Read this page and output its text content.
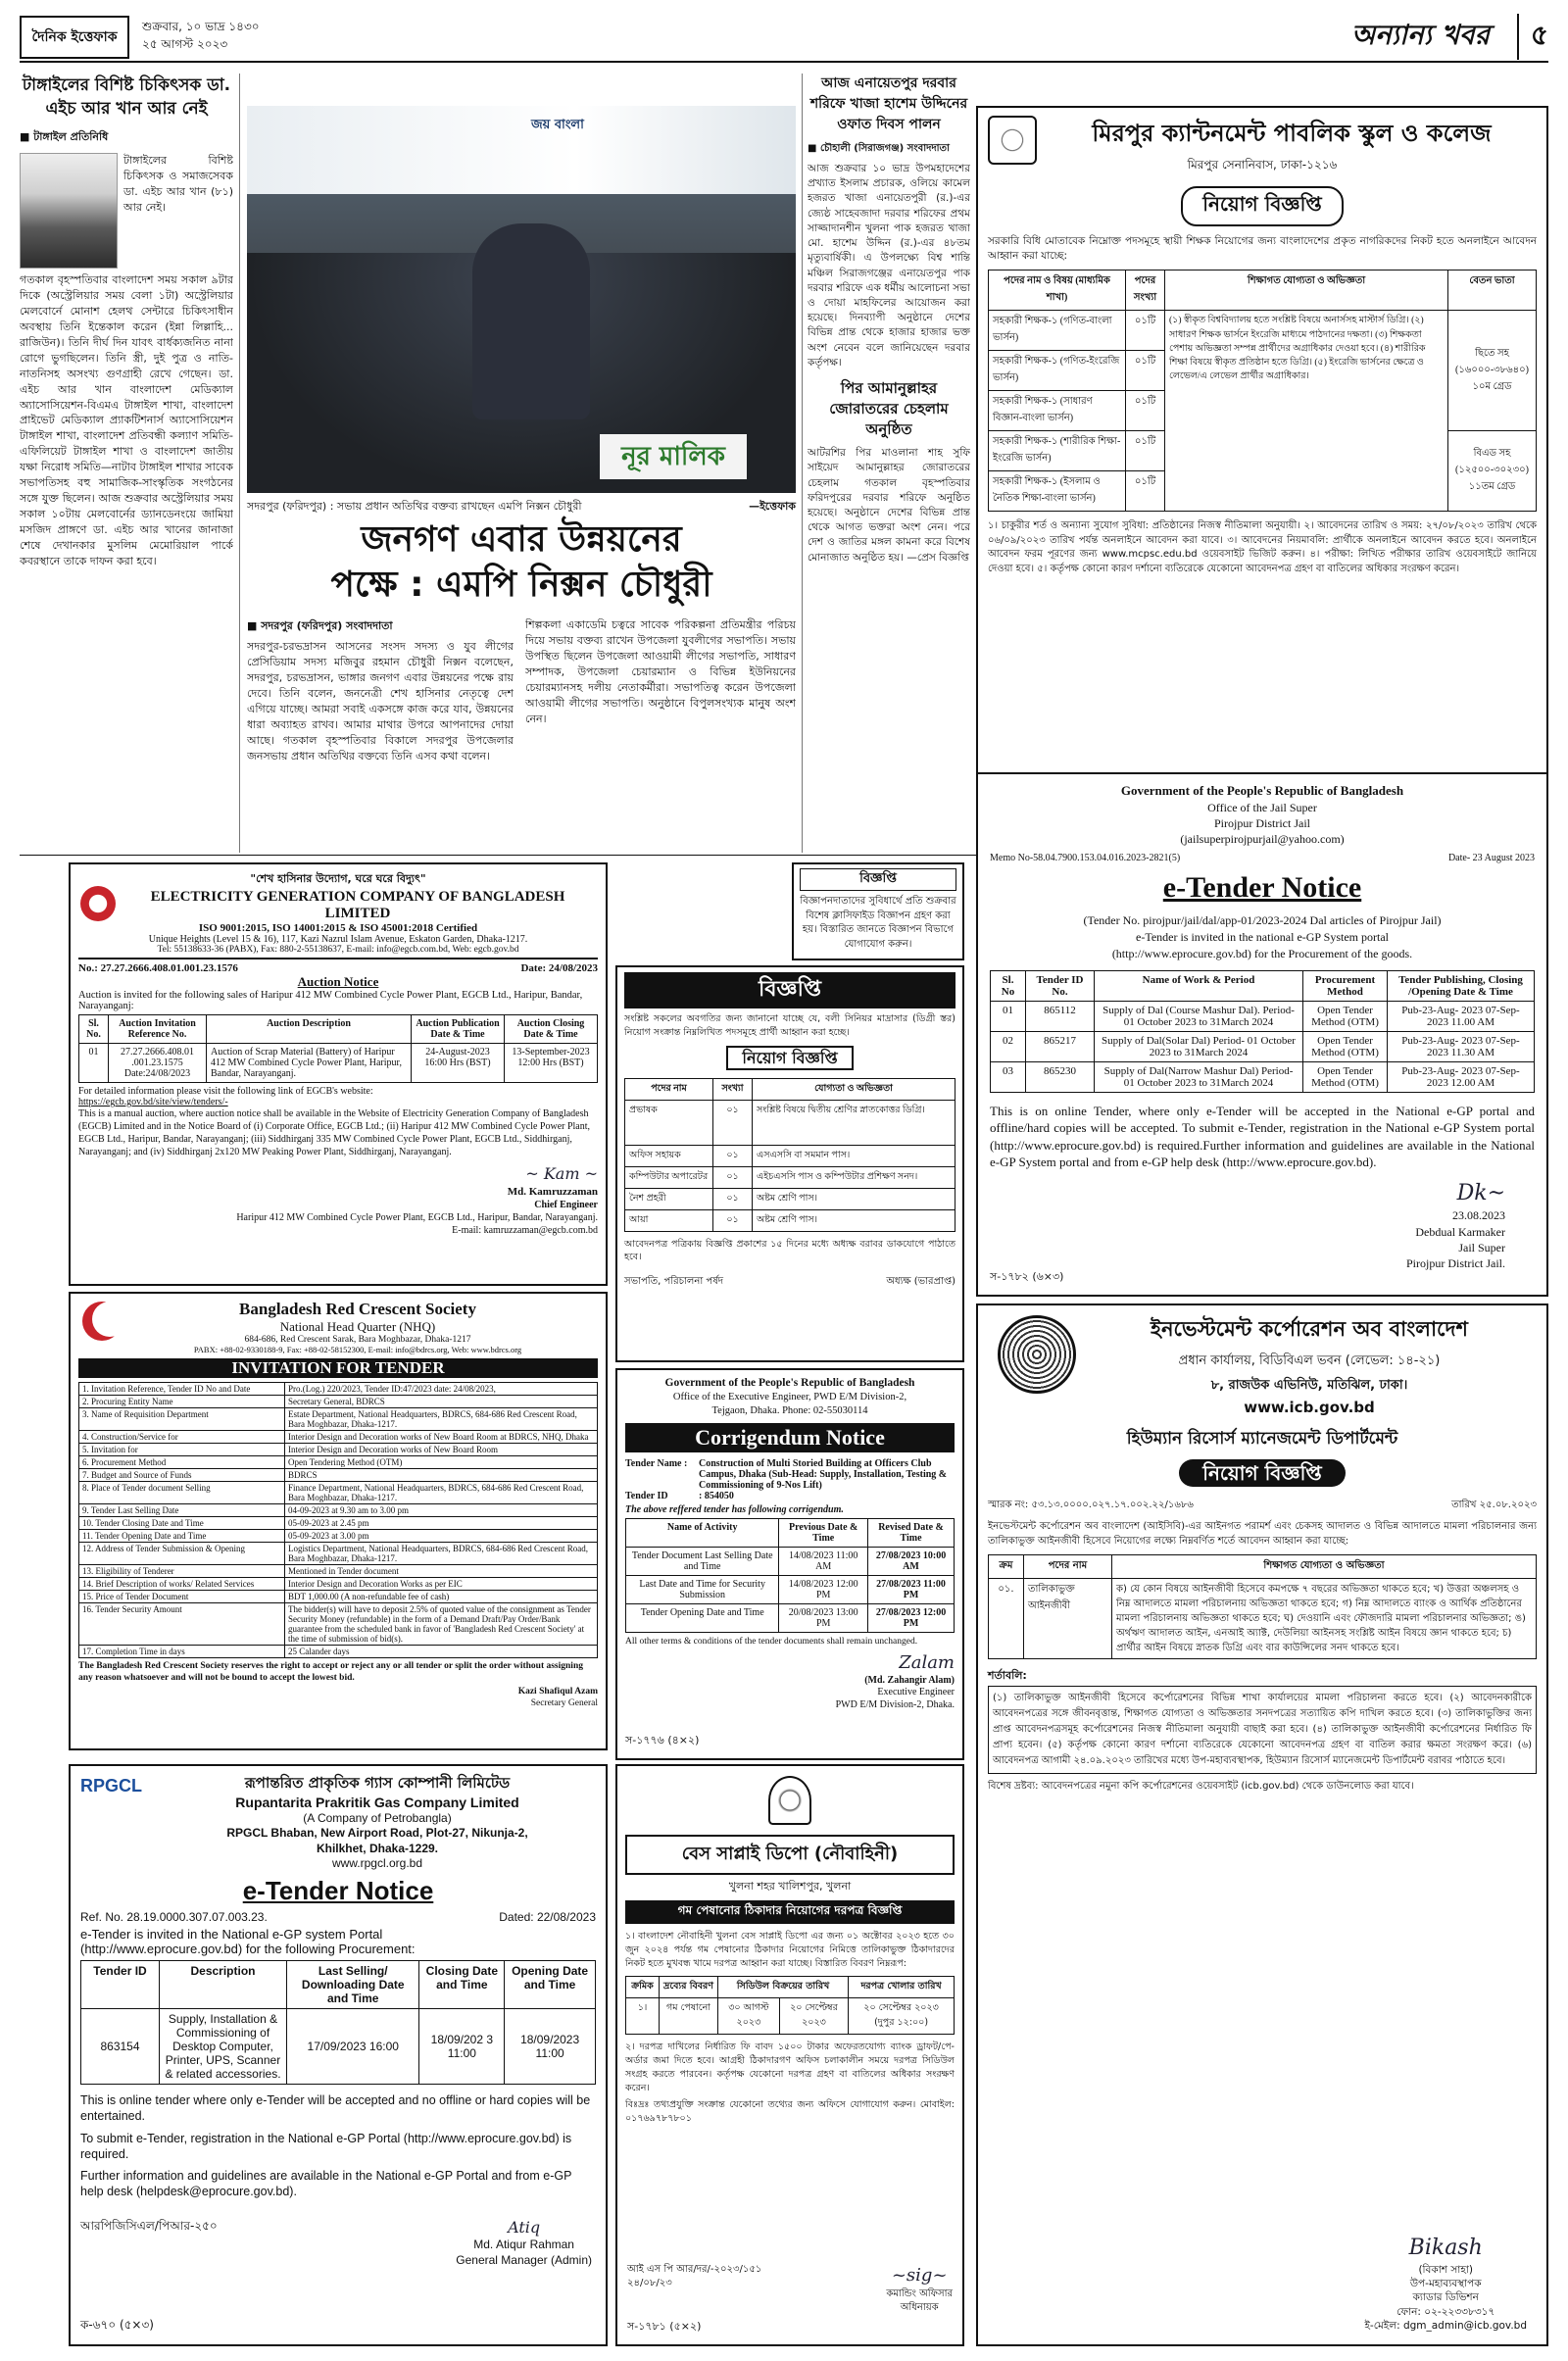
দৈনিক ইত্তেফাক
শুক্রবার, ১০ ভাদ্র ১৪৩০
২৫ আগস্ট ২০২৩	অন্যান্য খবর	৫
টাঙ্গাইলের বিশিষ্ট চিকিৎসক ডা. এইচ আর খান আর নেই
■ টাঙ্গাইল প্রতিনিধি
টাঙ্গাইলের বিশিষ্ট চিকিৎসক ও সমাজসেবক ডা. এইচ আর খান (৮১) আর নেই।
গতকাল বৃহস্পতিবার বাংলাদেশ সময় সকাল ৯টার দিকে (অস্ট্রেলিয়ার সময় বেলা ১টা) অস্ট্রেলিয়ার মেলবোর্নে মোনাশ হেলথ সেন্টারে চিকিৎসাধীন অবস্থায় তিনি ইন্তেকাল করেন (ইন্না লিল্লাহি... রাজিউন)। তিনি দীর্ঘ দিন যাবৎ বার্ধক্যজনিত নানা রোগে ভুগছিলেন। তিনি স্ত্রী, দুই পুত্র ও নাতি-নাতনিসহ অসংখ্য গুণগ্রাহী রেখে গেছেন। ডা. এইচ আর খান বাংলাদেশ মেডিক্যাল অ্যাসোসিয়েশন-বিএমএ টাঙ্গাইল শাখা, বাংলাদেশ প্রাইভেট মেডিক্যাল প্র্যাকটিশনার্স অ্যাসোসিয়েশন টাঙ্গাইল শাখা, বাংলাদেশ প্রতিবন্ধী কল্যাণ সমিতি-এফিলিয়েট টাঙ্গাইল শাখা ও বাংলাদেশ জাতীয় যক্ষা নিরোধ সমিতি—নাটাব টাঙ্গাইল শাখার সাবেক সভাপতিসহ বহু সামাজিক-সাংস্কৃতিক সংগঠনের সঙ্গে যুক্ত ছিলেন। আজ শুক্রবার অস্ট্রেলিয়ার সময় সকাল ১০টায় মেলবোর্নের ড্যানডেনংয়ে জামিয়া মসজিদ প্রাঙ্গণে ডা. এইচ আর খানের জানাজা শেষে দেখানকার মুসলিম মেমোরিয়াল পার্কে কবরস্থানে তাকে দাফন করা হবে।
জয় বাংলা
নূর মালিক
সদরপুর (ফরিদপুর) : সভায় প্রধান অতিথির বক্তব্য রাখছেন এমপি নিক্সন চৌধুরী	—ইত্তেফাক
জনগণ এবার উন্নয়নের
পক্ষে : এমপি নিক্সন চৌধুরী
■ সদরপুর (ফরিদপুর) সংবাদদাতা
সদরপুর-চরভদ্রাসন আসনের সংসদ সদস্য ও যুব লীগের প্রেসিডিয়াম সদস্য মজিবুর রহমান চৌধুরী নিক্সন বলেছেন, সদরপুর, চরভদ্রাসন, ভাঙ্গার জনগণ এবার উন্নয়নের পক্ষে রায় দেবে। তিনি বলেন, জননেত্রী শেখ হাসিনার নেতৃত্বে দেশ এগিয়ে যাচ্ছে। আমরা সবাই একসঙ্গে কাজ করে যাব, উন্নয়নের ধারা অব্যাহত রাখব। আমার মাথার উপরে আপনাদের দোয়া আছে। গতকাল বৃহস্পতিবার বিকালে সদরপুর উপজেলার জনসভায় প্রধান অতিথির বক্তব্যে তিনি এসব কথা বলেন।
শিল্পকলা একাডেমি চত্বরে সাবেক পরিকল্পনা প্রতিমন্ত্রীর পরিচয় দিয়ে সভায় বক্তব্য রাখেন উপজেলা যুবলীগের সভাপতি। সভায় উপস্থিত ছিলেন উপজেলা আওয়ামী লীগের সভাপতি, সাধারণ সম্পাদক, উপজেলা চেয়ারম্যান ও বিভিন্ন ইউনিয়নের চেয়ারম্যানসহ দলীয় নেতাকর্মীরা। সভাপতিত্ব করেন উপজেলা আওয়ামী লীগের সভাপতি। অনুষ্ঠানে বিপুলসংখ্যক মানুষ অংশ নেন।
আজ এনায়েতপুর দরবার শরিফে খাজা হাশেম উদ্দিনের ওফাত দিবস পালন
■ চৌহালী (সিরাজগঞ্জ) সংবাদদাতা
আজ শুক্রবার ১০ ভাদ্র উপমহাদেশের প্রখ্যাত ইসলাম প্রচারক, ওলিয়ে কামেল হজরত খাজা এনায়েতপুরী (র.)-এর জ্যেষ্ঠ সাহেবজাদা দরবার শরিফের প্রথম সাজ্জাদানশীন খুলনা পাক হজরত খাজা মো. হাশেম উদ্দিন (র.)-এর ৪৮তম মৃত্যুবার্ষিকী। এ উপলক্ষ্যে বিশ্ব শান্তি মঞ্চিল সিরাজগঞ্জের এনায়েতপুর পাক দরবার শরিফে এক ধর্মীয় আলোচনা সভা ও দোয়া মাহফিলের আয়োজন করা হয়েছে। দিনব্যাপী অনুষ্ঠানে দেশের বিভিন্ন প্রান্ত থেকে হাজার হাজার ভক্ত অংশ নেবেন বলে জানিয়েছেন দরবার কর্তৃপক্ষ।
পির আমানুল্লাহর জোরাতরের চেহলাম অনুষ্ঠিত
আটরশির পির মাওলানা শাহ সুফি সাইয়েদ আমানুল্লাহর জোরাতরের চেহলাম গতকাল বৃহস্পতিবার ফরিদপুরের দরবার শরিফে অনুষ্ঠিত হয়েছে। অনুষ্ঠানে দেশের বিভিন্ন প্রান্ত থেকে আগত ভক্তরা অংশ নেন। পরে দেশ ও জাতির মঙ্গল কামনা করে বিশেষ মোনাজাত অনুষ্ঠিত হয়। —প্রেস বিজ্ঞপ্তি
মিরপুর ক্যান্টনমেন্ট পাবলিক স্কুল ও কলেজ
মিরপুর সেনানিবাস, ঢাকা-১২১৬
নিয়োগ বিজ্ঞপ্তি
সরকারি বিধি মোতাবেক নিম্নোক্ত পদসমূহে স্থায়ী শিক্ষক নিয়োগের জন্য বাংলাদেশের প্রকৃত নাগরিকদের নিকট হতে অনলাইনে আবেদন আহ্বান করা যাচ্ছে:
পদের নাম ও বিষয় (মাধ্যমিক শাখা)	পদের সংখ্যা	শিক্ষাগত যোগ্যতা ও অভিজ্ঞতা	বেতন ভাতা
সহকারী শিক্ষক-১ (গণিত-বাংলা ভার্সন)	০১টি	(১) স্বীকৃত বিশ্ববিদ্যালয় হতে সংশ্লিষ্ট বিষয়ে অনার্সসহ মাস্টার্স ডিগ্রি। (২) সাধারণ শিক্ষক ভার্সনে ইংরেজি মাধ্যমে পাঠদানের দক্ষতা। (৩) শিক্ষকতা পেশায় অভিজ্ঞতা সম্পন্ন প্রার্থীদের অগ্রাধিকার দেওয়া হবে। (৪) শারীরিক শিক্ষা বিষয়ে স্বীকৃত প্রতিষ্ঠান হতে ডিগ্রি। (৫) ইংরেজি ভার্সনের ক্ষেত্রে ও লেভেল/এ লেভেল প্রার্থীর অগ্রাধিকার।	ছিতে সহ (১৬০০০-৩৮৬৪০) ১০ম গ্রেড
সহকারী শিক্ষক-১ (গণিত-ইংরেজি ভার্সন)	০১টি		
সহকারী শিক্ষক-১ (সাধারণ বিজ্ঞান-বাংলা ভার্সন)	০১টি		
সহকারী শিক্ষক-১ (শারীরিক শিক্ষা-ইংরেজি ভার্সন)	০১টি		বিএড সহ (১২৫০০-৩০২৩০) ১১তম গ্রেড
সহকারী শিক্ষক-১ (ইসলাম ও নৈতিক শিক্ষা-বাংলা ভার্সন)	০১টি		
১। চাকুরীর শর্ত ও অন্যান্য সুযোগ সুবিধা: প্রতিষ্ঠানের নিজস্ব নীতিমালা অনুযায়ী। ২। আবেদনের তারিখ ও সময়: ২৭/০৮/২০২৩ তারিখ থেকে ০৬/০৯/২০২৩ তারিখ পর্যন্ত অনলাইনে আবেদন করা যাবে। ৩। আবেদনের নিয়মাবলি: প্রার্থীকে অনলাইনে আবেদন করতে হবে। অনলাইনে আবেদন ফরম পূরণের জন্য www.mcpsc.edu.bd ওয়েবসাইট ভিজিট করুন। ৪। পরীক্ষা: লিখিত পরীক্ষার তারিখ ওয়েবসাইটে জানিয়ে দেওয়া হবে। ৫। কর্তৃপক্ষ কোনো কারণ দর্শানো ব্যতিরেকে যেকোনো আবেদনপত্র গ্রহণ বা বাতিলের অধিকার সংরক্ষণ করেন।
"শেখ হাসিনার উদ্যোগ, ঘরে ঘরে বিদ্যুৎ"
ELECTRICITY GENERATION COMPANY OF BANGLADESH LIMITED
ISO 9001:2015, ISO 14001:2015 & ISO 45001:2018 Certified
Unique Heights (Level 15 & 16), 117, Kazi Nazrul Islam Avenue, Eskaton Garden, Dhaka-1217.
Tel: 55138633-36 (PABX), Fax: 880-2-55138637, E-mail: info@egcb.com.bd, Web: egcb.gov.bd
No.: 27.27.2666.408.01.001.23.1576	Date: 24/08/2023
Auction Notice
Auction is invited for the following sales of Haripur 412 MW Combined Cycle Power Plant, EGCB Ltd., Haripur, Bandar, Narayanganj:
Sl. No.	Auction Invitation Reference No.	Auction Description	Auction Publication Date & Time	Auction Closing Date & Time
01	27.27.2666.408.01 .001.23.1575 Date:24/08/2023	Auction of Scrap Material (Battery) of Haripur 412 MW Combined Cycle Power Plant, Haripur, Bandar, Narayanganj.	24-August-2023 16:00 Hrs (BST)	13-September-2023 12:00 Hrs (BST)
For detailed information please visit the following link of EGCB's website:
https://egcb.gov.bd/site/view/tenders/-
This is a manual auction, where auction notice shall be available in the Website of Electricity Generation Company of Bangladesh (EGCB) Limited and in the Notice Board of (i) Corporate Office, EGCB Ltd.; (ii) Haripur 412 MW Combined Cycle Power Plant, EGCB Ltd., Haripur, Bandar, Narayanganj; (iii) Siddhirganj 335 MW Combined Cycle Power Plant, EGCB Ltd., Siddhirganj, Narayanganj; and (iv) Siddhirganj 2x120 MW Peaking Power Plant, Siddhirganj, Narayanganj.
~ Kam ~
Md. Kamruzzaman
Chief Engineer
Haripur 412 MW Combined Cycle Power Plant, EGCB Ltd., Haripur, Bandar, Narayanganj.
E-mail: kamruzzaman@egcb.com.bd
বিজ্ঞপ্তি
বিজ্ঞাপনদাতাদের সুবিধার্থে প্রতি শুক্রবার বিশেষ ক্লাসিফাইড বিজ্ঞাপন গ্রহণ করা হয়। বিস্তারিত জানতে বিজ্ঞাপন বিভাগে যোগাযোগ করুন।
বিজ্ঞপ্তি
সংশ্লিষ্ট সকলের অবগতির জন্য জানানো যাচ্ছে যে, বলী সিনিয়র মাদ্রাসার (ডিগ্রী স্তর) নিয়োগ সংক্রান্ত নিম্নলিখিত পদসমূহে প্রার্থী আহ্বান করা হচ্ছে।
নিয়োগ বিজ্ঞপ্তি
পদের নাম	সংখ্যা	যোগ্যতা ও অভিজ্ঞতা
প্রভাষক	০১	সংশ্লিষ্ট বিষয়ে দ্বিতীয় শ্রেণির স্নাতকোত্তর ডিগ্রি।
অফিস সহায়ক	০১	এসএসসি বা সমমান পাস।
কম্পিউটার অপারেটর	০১	এইচএসসি পাস ও কম্পিউটার প্রশিক্ষণ সনদ।
নৈশ প্রহরী	০১	অষ্টম শ্রেণি পাস।
আয়া	০১	অষ্টম শ্রেণি পাস।
আবেদনপত্র পত্রিকায় বিজ্ঞপ্তি প্রকাশের ১৫ দিনের মধ্যে অধ্যক্ষ বরাবর ডাকযোগে পাঠাতে হবে।
সভাপতি, পরিচালনা পর্ষদ	অধ্যক্ষ (ভারপ্রাপ্ত)
Government of the People's Republic of Bangladesh
Office of the Jail Super
Pirojpur District Jail
(jailsuperpirojpurjail@yahoo.com)
Memo No-58.04.7900.153.04.016.2023-2821(5)	Date- 23 August 2023
e-Tender Notice
(Tender No. pirojpur/jail/dal/app-01/2023-2024 Dal articles of Pirojpur Jail)
e-Tender is invited in the national e-GP System portal
(http://www.eprocure.gov.bd) for the Procurement of the goods.
Sl. No	Tender ID No.	Name of Work & Period	Procurement Method	Tender Publishing, Closing /Opening Date & Time
01	865112	Supply of Dal (Course Mashur Dal). Period- 01 October 2023 to 31March 2024	Open Tender Method (OTM)	Pub-23-Aug- 2023 07-Sep-2023 11.00 AM
02	865217	Supply of Dal(Solar Dal) Period- 01 October 2023 to 31March 2024	Open Tender Method (OTM)	Pub-23-Aug- 2023 07-Sep-2023 11.30 AM
03	865230	Supply of Dal(Narrow Mashur Dal) Period- 01 October 2023 to 31March 2024	Open Tender Method (OTM)	Pub-23-Aug- 2023 07-Sep-2023 12.00 AM
This is on online Tender, where only e-Tender will be accepted in the National e-GP portal and offline/hard copies will be accepted. To submit e-Tender, registration in the National e-GP System portal (http://www.eprocure.gov.bd) is required.Further information and guidelines are available in the National e-GP System portal and from e-GP help desk (http://www.eprocure.gov.bd).
Dk~
23.08.2023
Debdual Karmaker
Jail Super
Pirojpur District Jail.
স-১৭৮২ (৬×৩)
Bangladesh Red Crescent Society
National Head Quarter (NHQ)
684-686, Red Crescent Sarak, Bara Moghbazar, Dhaka-1217
PABX: +88-02-9330188-9, Fax: +88-02-58152300, E-mail: info@bdrcs.org, Web: www.bdrcs.org
INVITATION FOR TENDER
1. Invitation Reference, Tender ID No and Date	Pro.(Log.) 220/2023, Tender ID:47/2023 date: 24/08/2023,
2. Procuring Entity Name	Secretary General, BDRCS
3. Name of Requisition Department	Estate Department, National Headquarters, BDRCS, 684-686 Red Crescent Road, Bara Moghbazar, Dhaka-1217.
4. Construction/Service for	Interior Design and Decoration works of New Board Room at BDRCS, NHQ, Dhaka
5. Invitation for	Interior Design and Decoration works of New Board Room
6. Procurement Method	Open Tendering Method (OTM)
7. Budget and Source of Funds	BDRCS
8. Place of Tender document Selling	Finance Department, National Headquarters, BDRCS, 684-686 Red Crescent Road, Bara Moghbazar, Dhaka-1217.
9. Tender Last Selling Date	04-09-2023 at 9.30 am to 3.00 pm
10. Tender Closing Date and Time	05-09-2023 at 2.45 pm
11. Tender Opening Date and Time	05-09-2023 at 3.00 pm
12. Address of Tender Submission & Opening	Logistics Department, National Headquarters, BDRCS, 684-686 Red Crescent Road, Bara Moghbazar, Dhaka-1217.
13. Eligibility of Tenderer	Mentioned in Tender document
14. Brief Description of works/ Related Services	Interior Design and Decoration Works as per EIC
15. Price of Tender Document	BDT 1,000.00 (A non-refundable fee of cash)
16. Tender Security Amount	The bidder(s) will have to deposit 2.5% of quoted value of the consignment as Tender Security Money (refundable) in the form of a Demand Draft/Pay Order/Bank guarantee from the scheduled bank in favor of 'Bangladesh Red Crescent Society' at the time of submission of bid(s).
17. Completion Time in days	25 Calander days
The Bangladesh Red Crescent Society reserves the right to accept or reject any or all tender or split the order without assigning any reason whatsoever and will not be bound to accept the lowest bid.
Kazi Shafiqul Azam
Secretary General
Government of the People's Republic of Bangladesh
Office of the Executive Engineer, PWD E/M Division-2,
Tejgaon, Dhaka. Phone: 02-55030114
Corrigendum Notice
Tender Name :	Construction of Multi Storied Building at Officers Club Campus, Dhaka (Sub-Head: Supply, Installation, Testing & Commissioning of 9-Nos Lift)
Tender ID	: 854050
The above reffered tender has following corrigendum.
Name of Activity	Previous Date & Time	Revised Date & Time
Tender Document Last Selling Date and Time	14/08/2023 11:00 AM	27/08/2023 10:00 AM
Last Date and Time for Security Submission	14/08/2023 12:00 PM	27/08/2023 11:00 PM
Tender Opening Date and Time	20/08/2023 13:00 PM	27/08/2023 12:00 PM
All other terms & conditions of the tender documents shall remain unchanged.
Zalam
(Md. Zahangir Alam)
Executive Engineer
PWD E/M Division-2, Dhaka.
স-১৭৭৬ (৪×২)
ইনভেস্টমেন্ট কর্পোরেশন অব বাংলাদেশ
প্রধান কার্যালয়, বিডিবিএল ভবন (লেভেল: ১৪-২১)
৮, রাজউক এভিনিউ, মতিঝিল, ঢাকা।
www.icb.gov.bd
হিউম্যান রিসোর্স ম্যানেজমেন্ট ডিপার্টমেন্ট
নিয়োগ বিজ্ঞপ্তি
স্মারক নং: ৫৩.১৩.০০০০.০২৭.১৭.০০২.২২/১৬৮৬	তারিখ ২৫.০৮.২০২৩
ইনভেস্টমেন্ট কর্পোরেশন অব বাংলাদেশ (আইসিবি)-এর আইনগত পরামর্শ এবং চেকসহ আদালত ও বিভিন্ন আদালতে মামলা পরিচালনার জন্য তালিকাভুক্ত আইনজীবী হিসেবে নিয়োগের লক্ষ্যে নিম্নবর্ণিত শর্তে আবেদন আহ্বান করা যাচ্ছে:
ক্রম	পদের নাম	শিক্ষাগত যোগ্যতা ও অভিজ্ঞতা
০১.	তালিকাভুক্ত আইনজীবী	ক) যে কোন বিষয়ে আইনজীবী হিসেবে কমপক্ষে ৭ বছরের অভিজ্ঞতা থাকতে হবে; খ) উত্তরা অঞ্চলসহ ও নিম্ন আদালতে মামলা পরিচালনায় অভিজ্ঞতা থাকতে হবে; গ) নিম্ন আদালতে ব্যাংক ও আর্থিক প্রতিষ্ঠানের মামলা পরিচালনায় অভিজ্ঞতা থাকতে হবে; ঘ) দেওয়ানি এবং ফৌজদারি মামলা পরিচালনার অভিজ্ঞতা; ঙ) অর্থঋণ আদালত আইন, এনআই অ্যাক্ট, দেউলিয়া আইনসহ সংশ্লিষ্ট আইন বিষয়ে জ্ঞান থাকতে হবে; চ) প্রার্থীর আইন বিষয়ে স্নাতক ডিগ্রি এবং বার কাউন্সিলের সনদ থাকতে হবে।
শর্তাবলি:
(১) তালিকাভুক্ত আইনজীবী হিসেবে কর্পোরেশনের বিভিন্ন শাখা কার্যালয়ের মামলা পরিচালনা করতে হবে। (২) আবেদনকারীকে আবেদনপত্রের সঙ্গে জীবনবৃত্তান্ত, শিক্ষাগত যোগ্যতা ও অভিজ্ঞতার সনদপত্রের সত্যায়িত কপি দাখিল করতে হবে। (৩) তালিকাভুক্তির জন্য প্রাপ্ত আবেদনপত্রসমূহ কর্পোরেশনের নিজস্ব নীতিমালা অনুযায়ী বাছাই করা হবে। (৪) তালিকাভুক্ত আইনজীবী কর্পোরেশনের নির্ধারিত ফি প্রাপ্য হবেন। (৫) কর্তৃপক্ষ কোনো কারণ দর্শানো ব্যতিরেকে যেকোনো আবেদনপত্র গ্রহণ বা বাতিল করার ক্ষমতা সংরক্ষণ করে। (৬) আবেদনপত্র আগামী ২৪.০৯.২০২৩ তারিখের মধ্যে উপ-মহাব্যবস্থাপক, হিউম্যান রিসোর্স ম্যানেজমেন্ট ডিপার্টমেন্ট বরাবর পাঠাতে হবে।
বিশেষ দ্রষ্টব্য: আবেদনপত্রের নমুনা কপি কর্পোরেশনের ওয়েবসাইট (icb.gov.bd) থেকে ডাউনলোড করা যাবে।
Bikash
(বিকাশ সাহা)
উপ-মহাব্যবস্থাপক
ক্যাডার ডিভিশন
ফোন: ০২-২২৩৩৮৩১৭
ই-মেইল: dgm_admin@icb.gov.bd
RPGCL	রূপান্তরিত প্রাকৃতিক গ্যাস কোম্পানী লিমিটেড
Rupantarita Prakritik Gas Company Limited
(A Company of Petrobangla)
RPGCL Bhaban, New Airport Road, Plot-27, Nikunja-2,
Khilkhet, Dhaka-1229.
www.rpgcl.org.bd
e-Tender Notice
Ref. No. 28.19.0000.307.07.003.23.	Dated: 22/08/2023
e-Tender is invited in the National e-GP system Portal
(http://www.eprocure.gov.bd) for the following Procurement:
Tender ID	Description	Last Selling/ Downloading Date and Time	Closing Date and Time	Opening Date and Time
863154	Supply, Installation & Commissioning of Desktop Computer, Printer, UPS, Scanner & related accessories.	17/09/2023 16:00	18/09/202 3 11:00	18/09/2023 11:00
This is online tender where only e-Tender will be accepted and no offline or hard copies will be entertained.
To submit e-Tender, registration in the National e-GP Portal (http://www.eprocure.gov.bd) is required.
Further information and guidelines are available in the National e-GP Portal and from e-GP help desk (helpdesk@eprocure.gov.bd).
আরপিজিসিএল/পিআর-২৫০	Atiq
Md. Atiqur Rahman
General Manager (Admin)
ক-৬৭০ (৫×৩)
বেস সাপ্লাই ডিপো (নৌবাহিনী)
খুলনা শহর খালিশপুর, খুলনা
গম পেষানোর ঠিকাদার নিয়োগের দরপত্র বিজ্ঞপ্তি
১। বাংলাদেশ নৌবাহিনী খুলনা বেস সাপ্লাই ডিপো এর জন্য ০১ অক্টোবর ২০২৩ হতে ৩০ জুন ২০২৪ পর্যন্ত গম পেষানোর ঠিকাদার নিয়োগের নিমিত্তে তালিকাভুক্ত ঠিকাদারদের নিকট হতে মুখবন্ধ খামে দরপত্র আহ্বান করা যাচ্ছে। বিস্তারিত বিবরণ নিম্নরূপ:
ক্রমিক	দ্রব্যের বিবরণ	সিডিউল বিক্রয়ের তারিখ		দরপত্র খোলার তারিখ
১।	গম পেষানো	৩০ আগস্ট ২০২৩	২০ সেপ্টেম্বর ২০২৩	২০ সেপ্টেম্বর ২০২৩ (দুপুর ১২:০০)
২। দরপত্র দাখিলের নির্ধারিত ফি বাবদ ১৫০০ টাকার অফেরতযোগ্য ব্যাংক ড্রাফট/পে-অর্ডার জমা দিতে হবে। আগ্রহী ঠিকাদারগণ অফিস চলাকালীন সময়ে দরপত্র সিডিউল সংগ্রহ করতে পারবেন। কর্তৃপক্ষ যেকোনো দরপত্র গ্রহণ বা বাতিলের অধিকার সংরক্ষণ করেন।
বিঃদ্রঃ তথ্যপ্রযুক্তি সংক্রান্ত যেকোনো তথ্যের জন্য অফিসে যোগাযোগ করুন। মোবাইল: ০১৭৬৯৭৮৭৮০১
আই এস পি আর/দর/-২০২৩/১৫১
২৪/০৮/২৩	~sig~
কমান্ডিং অফিসার
অধিনায়ক
স-১৭৮১ (৫×২)
